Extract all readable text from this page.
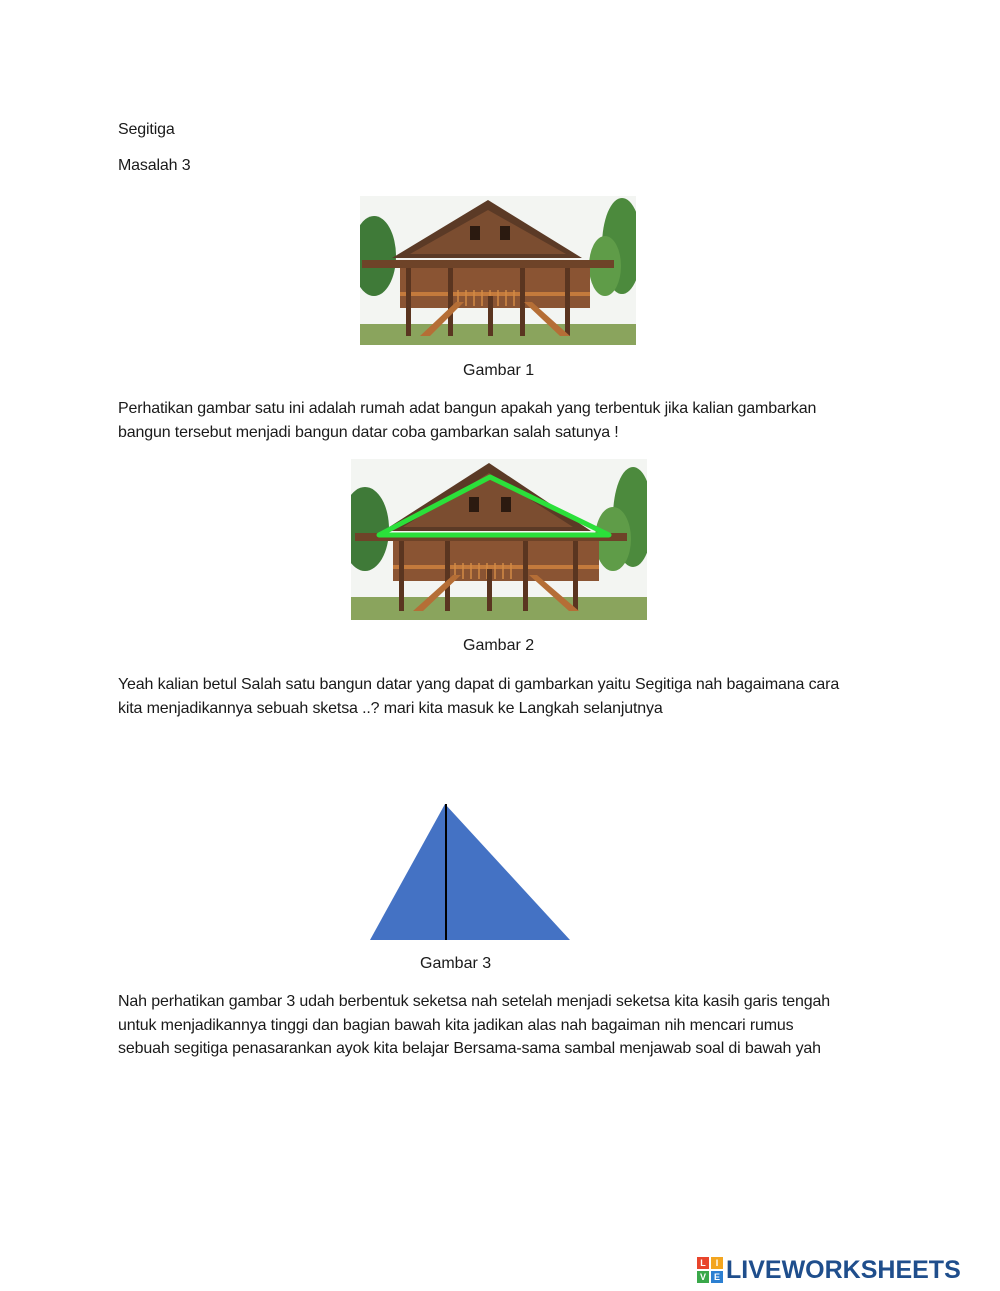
Segitiga
Masalah 3
Gambar 1
Perhatikan gambar satu ini adalah rumah adat bangun apakah yang terbentuk jika kalian gambarkan
bangun tersebut menjadi bangun datar coba gambarkan salah satunya !
Gambar 2
Yeah kalian betul Salah satu bangun datar yang dapat di gambarkan yaitu Segitiga nah bagaimana cara
kita menjadikannya sebuah sketsa ..? mari kita masuk ke Langkah selanjutnya
Gambar 3
Nah perhatikan gambar 3 udah berbentuk seketsa nah setelah menjadi seketsa kita kasih garis tengah
untuk menjadikannya tinggi dan bagian bawah kita jadikan alas nah bagaiman nih mencari rumus
sebuah segitiga penasarankan ayok kita belajar Bersama-sama sambal menjawab soal di bawah yah
L	I
V E LIVEWORKSHEETS
